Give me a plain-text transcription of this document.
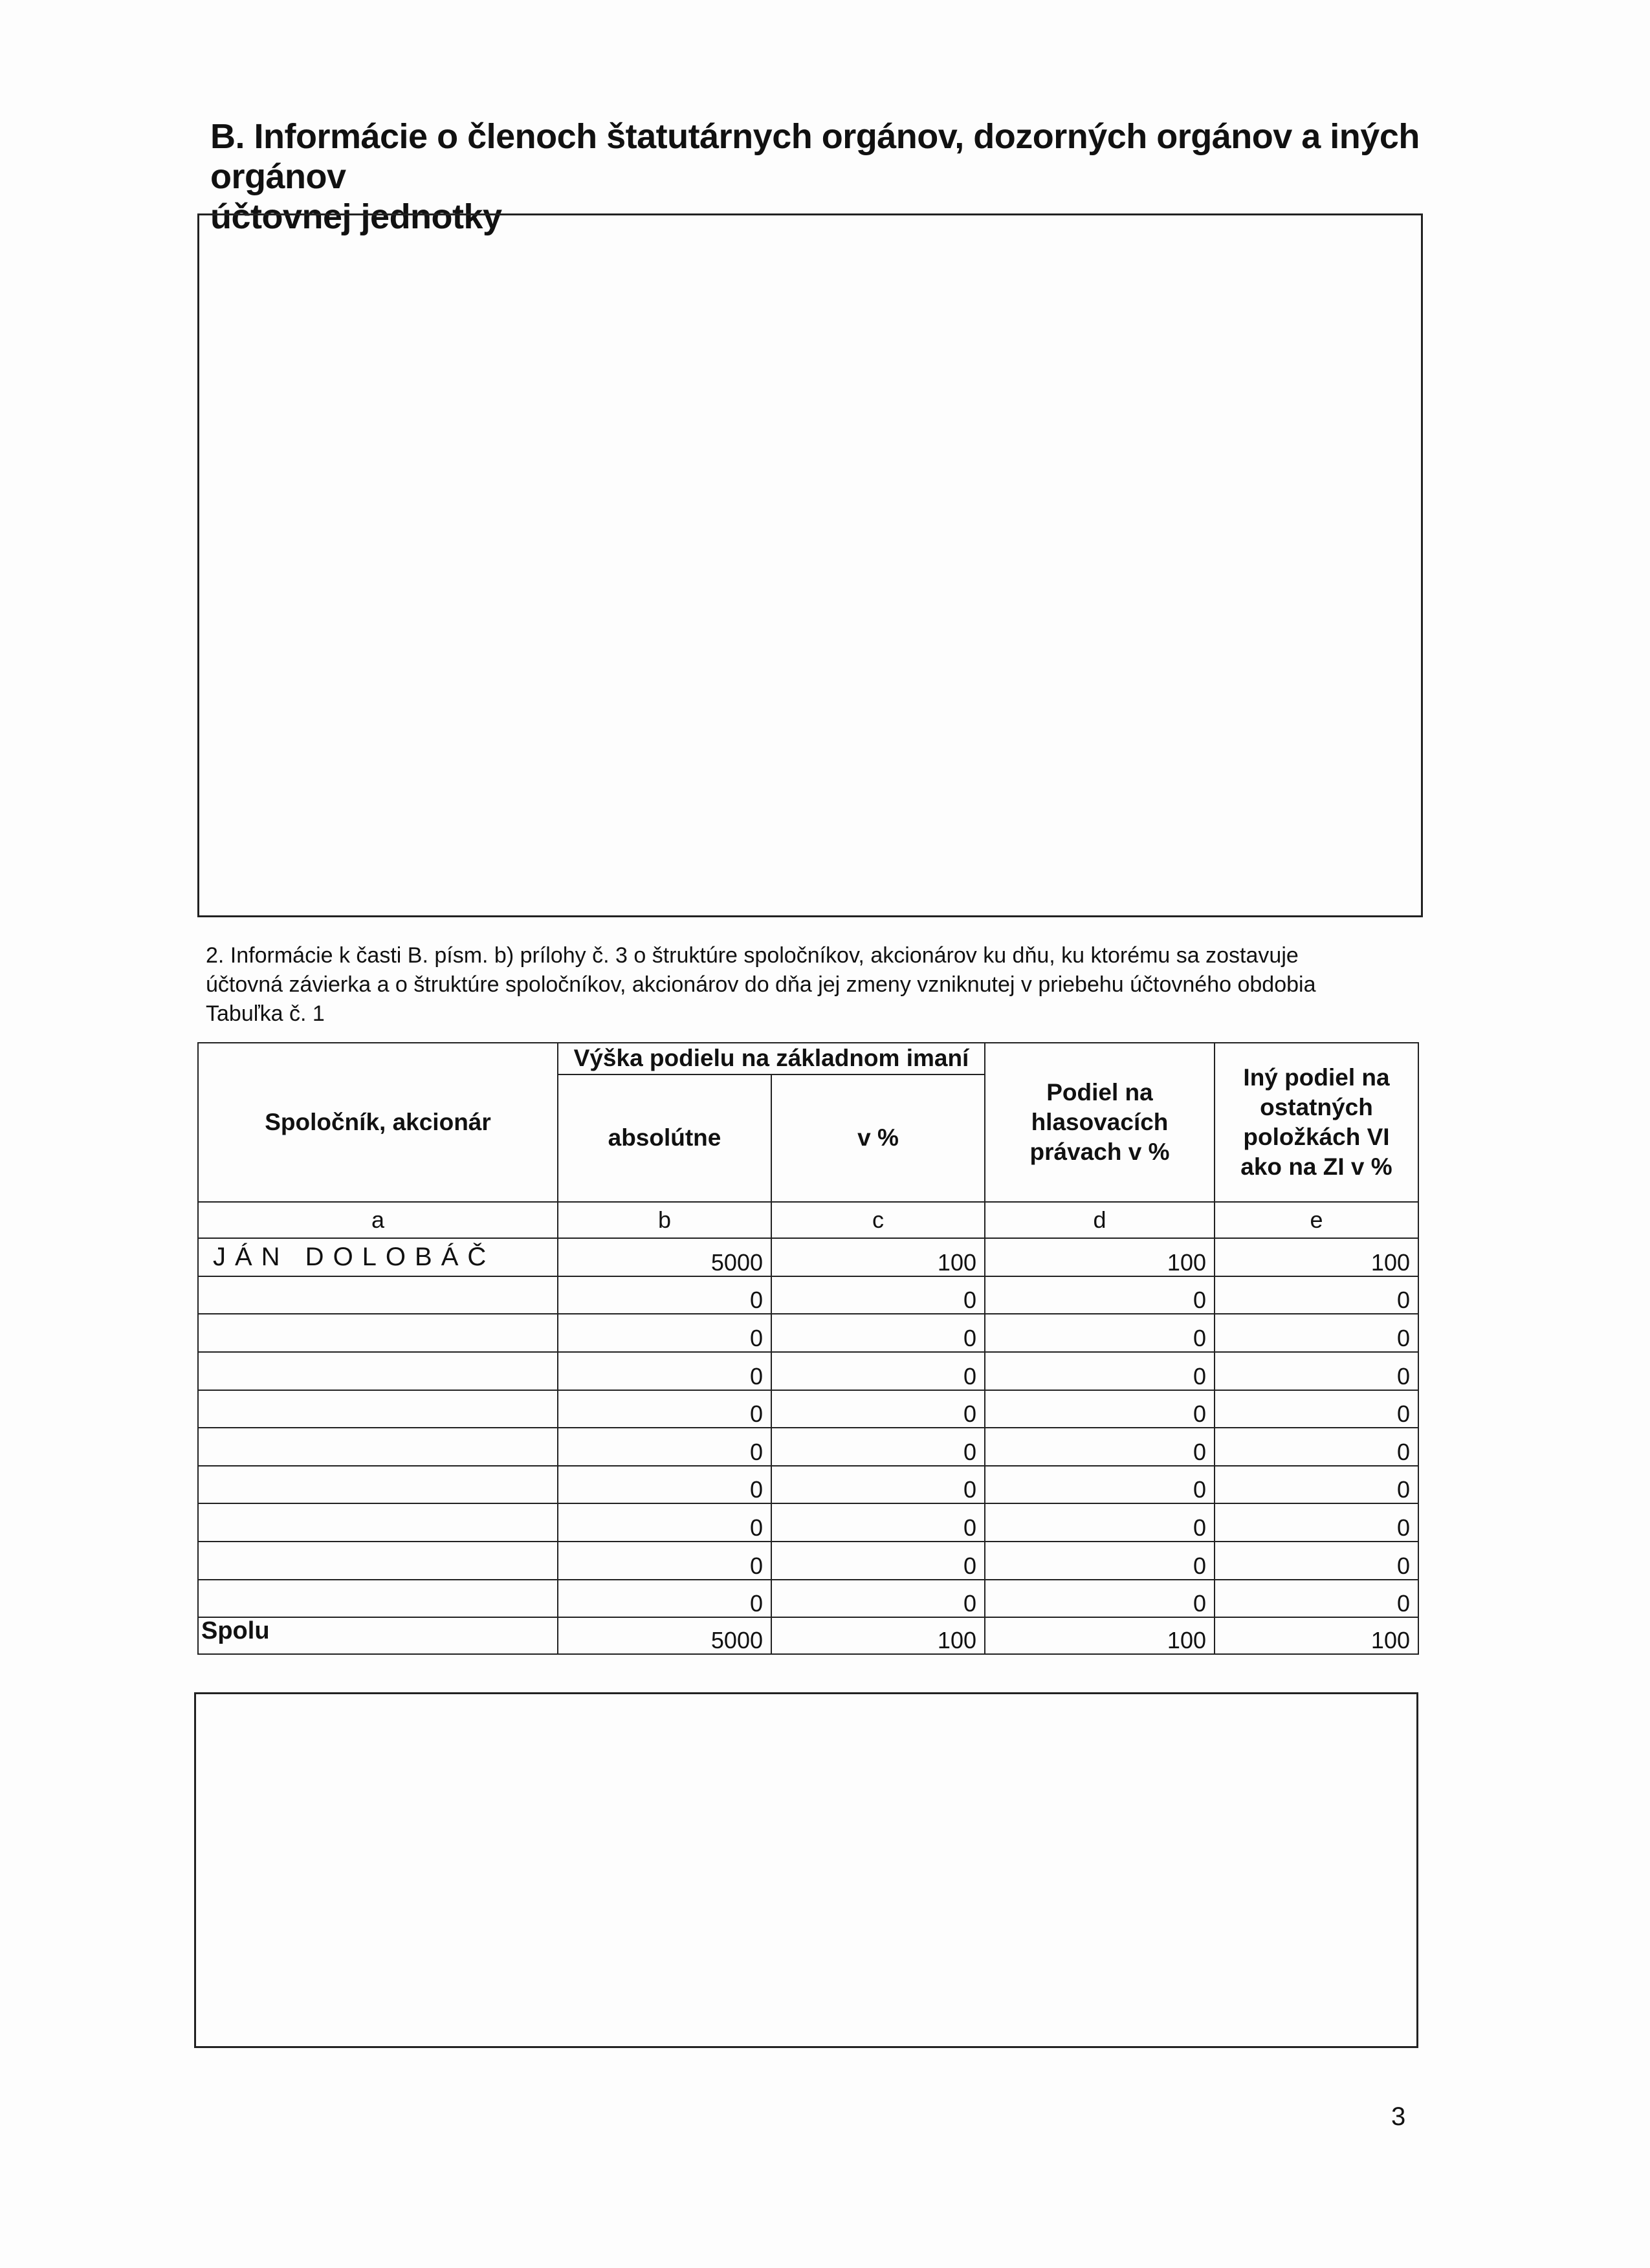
B. Informácie o členoch štatutárnych orgánov, dozorných orgánov a iných orgánov
účtovnej jednotky
2. Informácie k časti B. písm. b) prílohy č. 3 o štruktúre spoločníkov, akcionárov ku dňu, ku ktorému sa zostavuje
účtovná závierka a o štruktúre spoločníkov, akcionárov do dňa jej zmeny vzniknutej v priebehu účtovného obdobia
Tabuľka č. 1
Spoločník, akcionár	Výška podielu na základnom imaní		Podiel na hlasovacích právach v %	Iný podiel na ostatných položkách VI ako na ZI v %
	absolútne	v %		
a	b	c	d	e
JÁN DOLOBÁČ	5000	100	100	100
	0	0	0	0
	0	0	0	0
	0	0	0	0
	0	0	0	0
	0	0	0	0
	0	0	0	0
	0	0	0	0
	0	0	0	0
	0	0	0	0
Spolu	5000	100	100	100
3
